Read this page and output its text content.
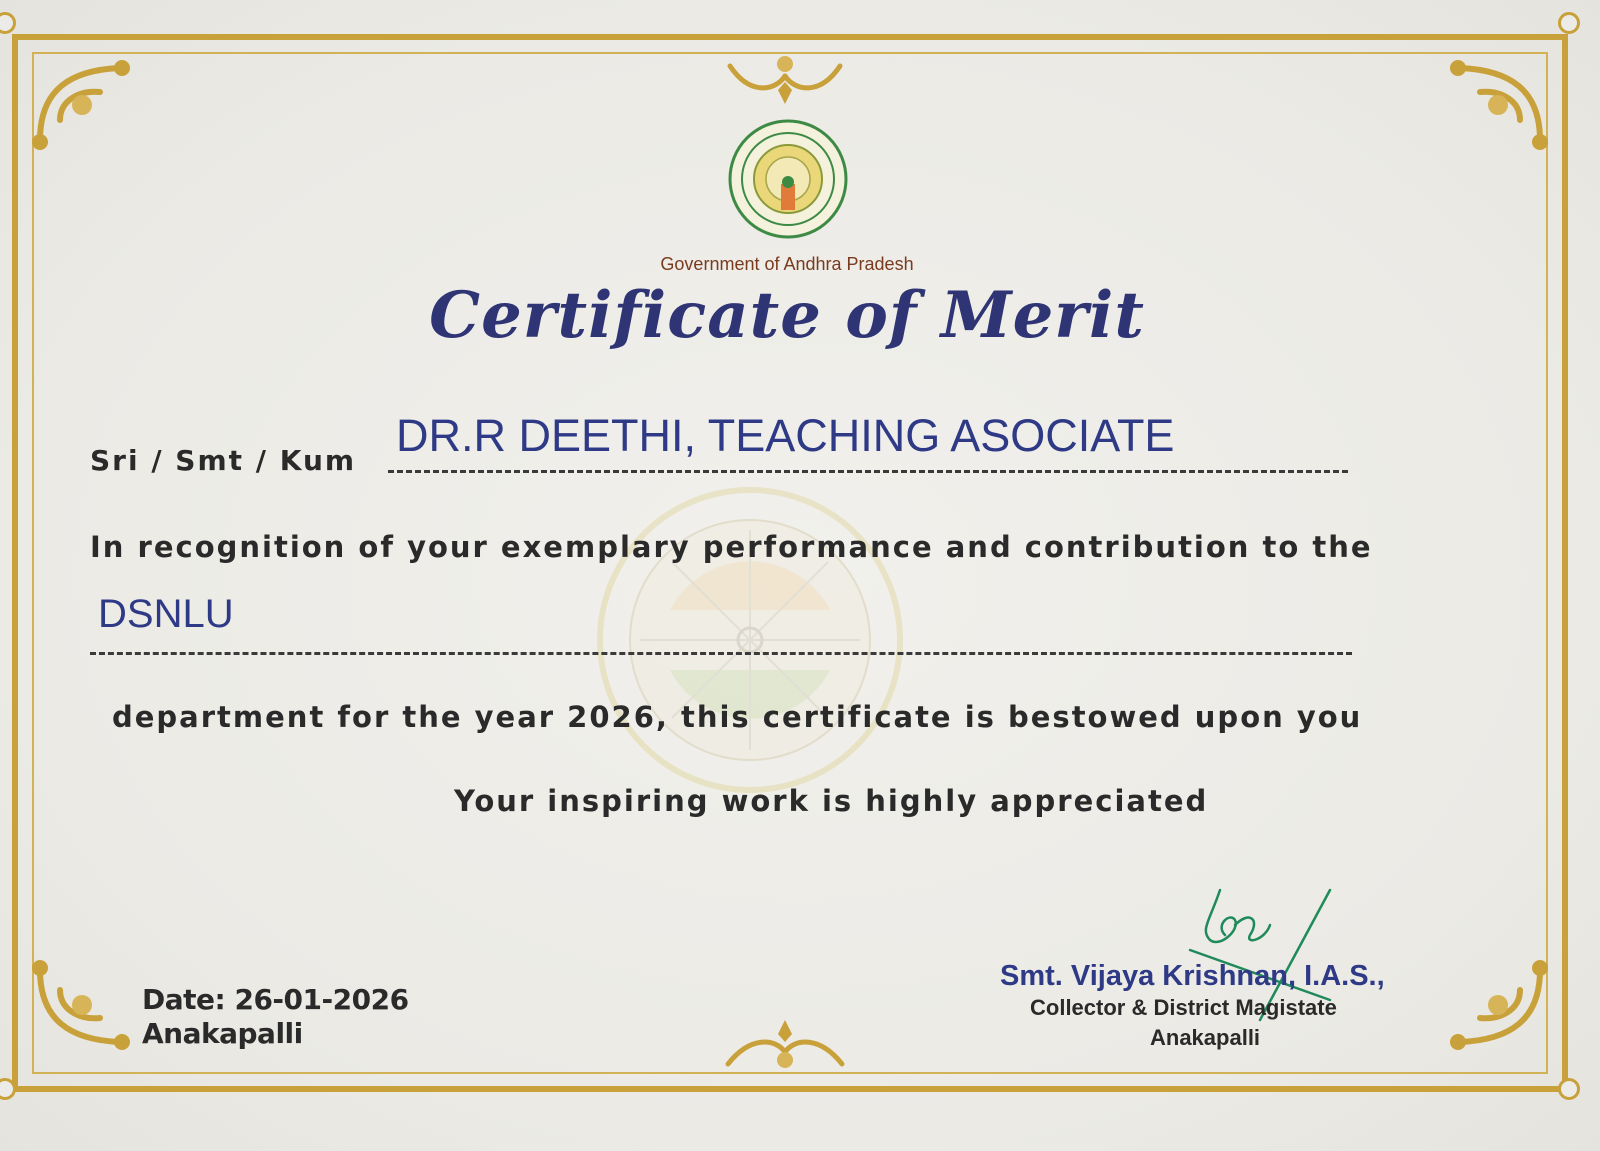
Government of Andhra Pradesh
Certificate of Merit
Sri / Smt / Kum DR.R DEETHI, TEACHING ASOCIATE
In recognition of your exemplary performance and contribution to the
DSNLU
department for the year 2026, this certificate is bestowed upon you
Your inspiring work is highly appreciated
Date: 26-01-2026
Anakapalli
Smt. Vijaya Krishnan, I.A.S.,
Collector & District Magistate
Anakapalli
